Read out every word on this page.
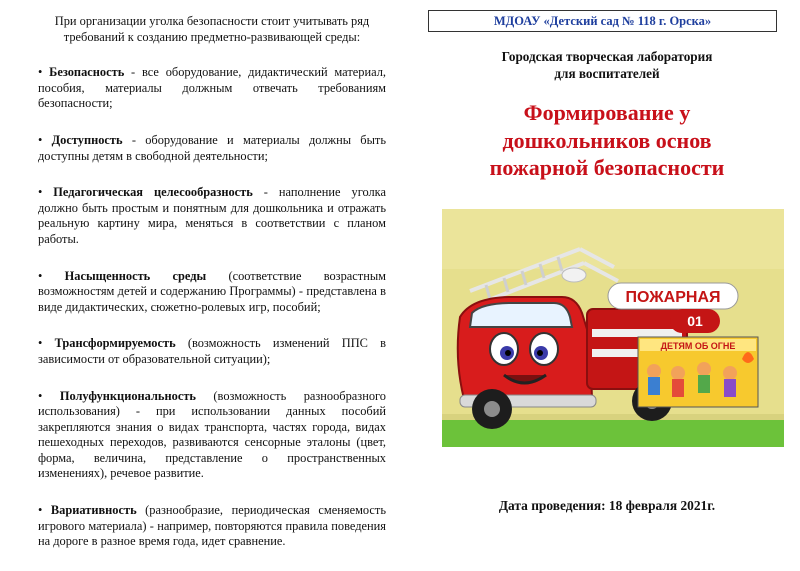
При организации уголка безопасности стоит учитывать ряд требований к созданию предметно-развивающей среды:

• Безопасность - все оборудование, дидактический материал, пособия, материалы должным отвечать требованиям безопасности;

• Доступность - оборудование и материалы должны быть доступны детям в свободной деятельности;

• Педагогическая целесообразность - наполнение уголка должно быть простым и понятным для дошкольника и отражать реальную картину мира, меняться в соответствии с планом работы.

• Насыщенность среды (соответствие возрастным возможностям детей и содержанию Программы) - представлена в виде дидактических, сюжетно-ролевых игр, пособий;

• Трансформируемость (возможность изменений ППС в зависимости от образовательной ситуации);

• Полуфункциональность (возможность разнообразного использования) - при использовании данных пособий закрепляются знания о видах транспорта, частях города, видах пешеходных переходов, развиваются сенсорные эталоны (цвет, форма, величина, представление о пространственных изменениях), речевое развитие.

• Вариативность (разнообразие, периодическая сменяемость игрового материала) - например, повторяются правила поведения на дороге в разное время года, идет сравнение.

МДОАУ «Детский сад № 118 г. Орска»
Городская творческая лаборатория
для воспитателей
Формирование у
дошкольников основ
пожарной безопасности
ПОЖАРНАЯ
01
ДЕТЯМ ОБ ОГНЕ
Дата проведения: 18 февраля 2021г.
